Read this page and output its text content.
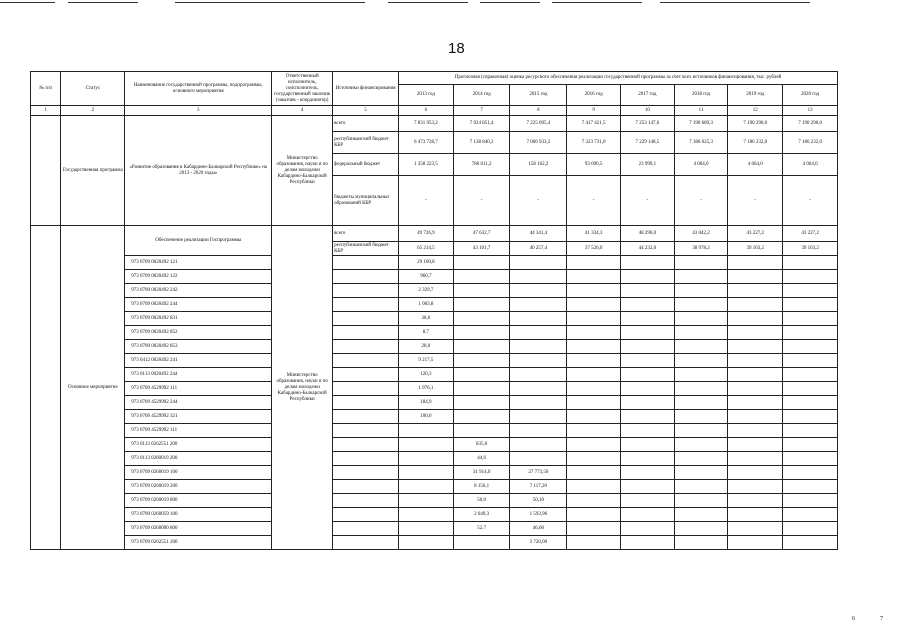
18
№ п/п	Статус	Наименование государственной программы, подпрограммы, основного мероприятия	Ответственный исполнитель, соисполнитель, государственный заказчик (заказчик - координатор)	Источники финансирования	Прогнозная (справочная) оценка ресурсного обеспечения реализации государственной программы за счет всех источников финансирования, тыс. рублей							
					2013 год	2014 год	2015 год	2016 год	2017 год	2018 год	2019 год	2020 год
1	2	3	4	5	6	7	8	9	10	11	12	13
	Государственная программа	«Развитие образования в Кабардино-Балкарской Республике» на 2013 - 2020 годы»	Министерство образования, науки и по делам молодежи Кабардино-Балкарской Республики	всего	7 831 953,2	7 924 851,4	7 225 095,4	7 417 421,5	7 253 147,6	7 190 689,3	7 190 296,0	7 190 296,0
				республиканский бюджет КБР	6 473 728,7	7 138 840,2	7 066 933,2	7 323 731,0	7 229 148,5	7 186 625,3	7 186 232,0	7 186 232,0
				федеральный бюджет	1 358 223,5	786 011,2	158 162,2	93 690,5	23 999,1	4 064,0	4 064,0	4 064,0
				бюджеты муниципальных образований КБР	-	-	-	-	-	-	-	-
	Основное мероприятие	Обеспечение реализации Госпрограммы	Министерство образования, науки и по делам молодежи Кабардино-Балкарской Республики	всего	49 726,9	47 632,7	44 341,4	41 334,3	48 296,0	43 042,2	43 227,2	43 227,2
				республиканский бюджет КБР	65 214,5	43 101,7	40 257,4	37 526,0	44 232,0	38 978,2	39 163,2	39 163,2
		973 0709 0020492 121			29 160,8							
		973 0709 0020492 122			960,7							
		973 0709 0020492 242			2 329,7							
		973 0709 0020492 244			1 083,8							
		973 0709 0020492 831			38,0							
		973 0709 0020492 852			8,7							
		973 0709 0020492 853			28,0							
		973 0412 0020492 241			9 217,5							
		973 0113 0020492 244			120,3							
		973 0709 4529992 111			1 976,1							
		973 0709 4529992 244			184,9							
		973 0709 4529992 321			100,0							
		973 0709 4529992 111										
		973 0113 0262551 200				835,0						
		973 0113 0260019 200				44,6						
		973 0709 0260019 100				31 914,0	27 773,50					
		973 0709 0260019 200				8 156,1	7 117,20					
		973 0709 0260019 800				50,0	50,10					
		973 0709 0260059 100				2 049,3	1 593,96					
		973 0709 0260090 800				52,7	46,60					
		973 0709 0262551 200					3 720,00					
6	7
